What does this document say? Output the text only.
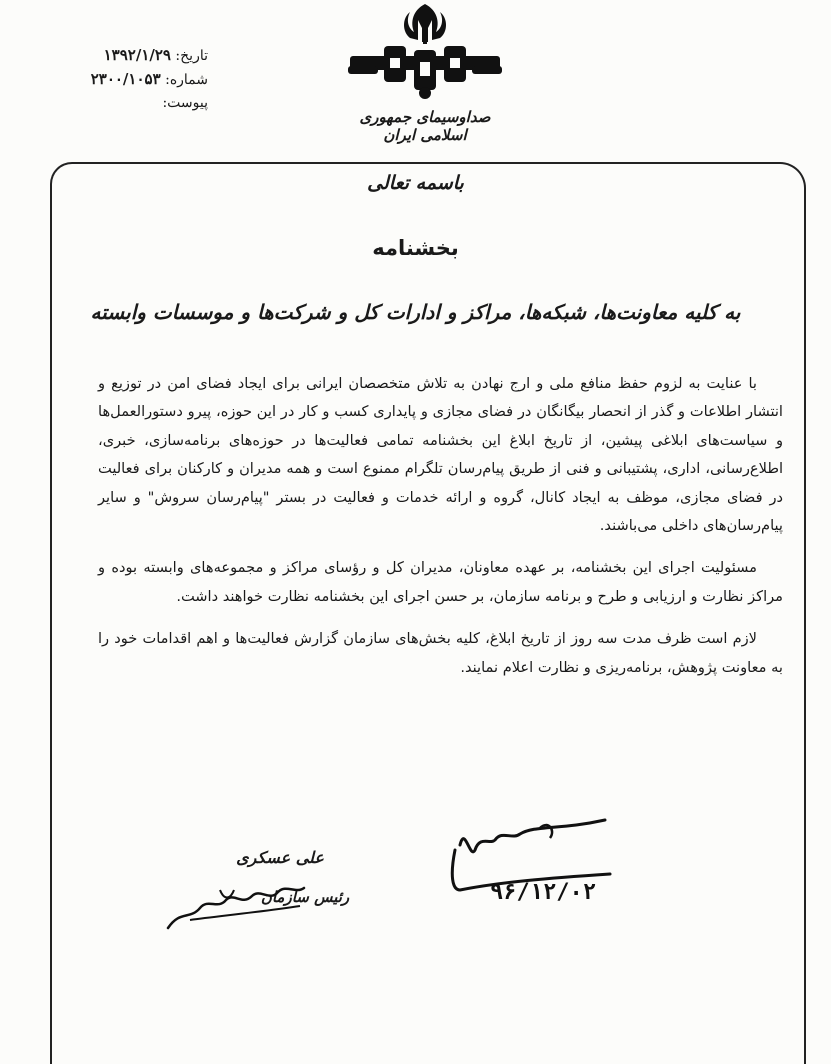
تاریخ: ۱۳۹۲/۱/۲۹
شماره: ۲۳۰۰/۱۰۵۳
پیوست:
صداوسیمای جمهوری اسلامی ایران
باسمه تعالی
بخشنامه
به کلیه معاونت‌ها، شبکه‌ها، مراکز و ادارات کل و شرکت‌ها و موسسات وابسته

با عنایت به لزوم حفظ منافع ملی و ارج نهادن به تلاش متخصصان ایرانی برای ایجاد فضای امن در توزیع و انتشار اطلاعات و گذر از انحصار بیگانگان در فضای مجازی و پایداری کسب و کار در این حوزه، پیرو دستورالعمل‌ها و سیاست‌های ابلاغی پیشین، از تاریخ ابلاغ این بخشنامه تمامی فعالیت‌ها در حوزه‌های برنامه‌سازی، خبری، اطلاع‌رسانی، اداری، پشتیبانی و فنی از طریق پیام‌رسان تلگرام ممنوع است و همه مدیران و کارکنان برای فعالیت در فضای مجازی، موظف به ایجاد کانال، گروه و ارائه خدمات و فعالیت در بستر "پیام‌رسان سروش" و سایر پیام‌رسان‌های داخلی می‌باشند.

مسئولیت اجرای این بخشنامه، بر عهده معاونان، مدیران کل و رؤسای مراکز و مجموعه‌های وابسته بوده و مراکز نظارت و ارزیابی و طرح و برنامه سازمان، بر حسن اجرای این بخشنامه نظارت خواهند داشت.

لازم است ظرف مدت سه روز از تاریخ ابلاغ، کلیه بخش‌های سازمان گزارش فعالیت‌ها و اهم اقدامات خود را به معاونت پژوهش، برنامه‌ریزی و نظارت اعلام نمایند.

۹۶/۱۲/۰۲
علی عسکری
رئیس سازمان
